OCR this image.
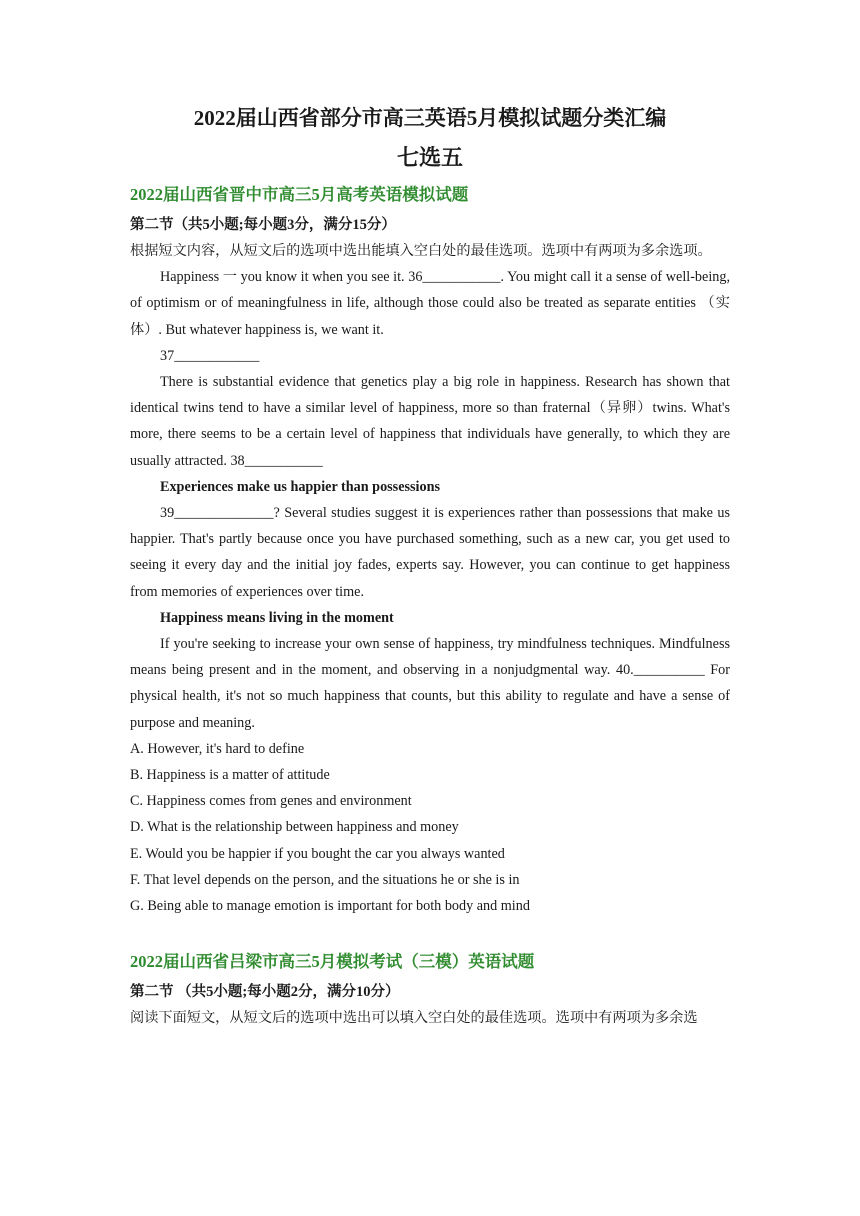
2022届山西省部分市高三英语5月模拟试题分类汇编
七选五
2022届山西省晋中市高三5月高考英语模拟试题
第二节（共5小题;每小题3分，满分15分）

根据短文内容，从短文后的选项中选出能填入空白处的最佳选项。选项中有两项为多余选项。

Happiness 一 you know it when you see it. 36___________. You might call it a sense of well-being, of optimism or of meaningfulness in life, although those could also be treated as separate entities （实体）. But whatever happiness is, we want it.

37____________

There is substantial evidence that genetics play a big role in happiness. Research has shown that identical twins tend to have a similar level of happiness, more so than fraternal（异卵）twins. What's more, there seems to be a certain level of happiness that individuals have generally, to which they are usually attracted. 38___________

Experiences make us happier than possessions

39______________? Several studies suggest it is experiences rather than possessions that make us happier. That's partly because once you have purchased something, such as a new car, you get used to seeing it every day and the initial joy fades, experts say. However, you can continue to get happiness from memories of experiences over time.

Happiness means living in the moment

If you're seeking to increase your own sense of happiness, try mindfulness techniques. Mindfulness means being present and in the moment, and observing in a nonjudgmental way. 40.__________ For physical health, it's not so much happiness that counts, but this ability to regulate and have a sense of purpose and meaning.

A. However, it's hard to define

B. Happiness is a matter of attitude

C. Happiness comes from genes and environment

D. What is the relationship between happiness and money

E. Would you be happier if you bought the car you always wanted

F. That level depends on the person, and the situations he or she is in

G. Being able to manage emotion is important for both body and mind

2022届山西省吕梁市高三5月模拟考试（三模）英语试题
第二节 （共5小题;每小题2分，满分10分）

阅读下面短文，从短文后的选项中选出可以填入空白处的最佳选项。选项中有两项为多余选
